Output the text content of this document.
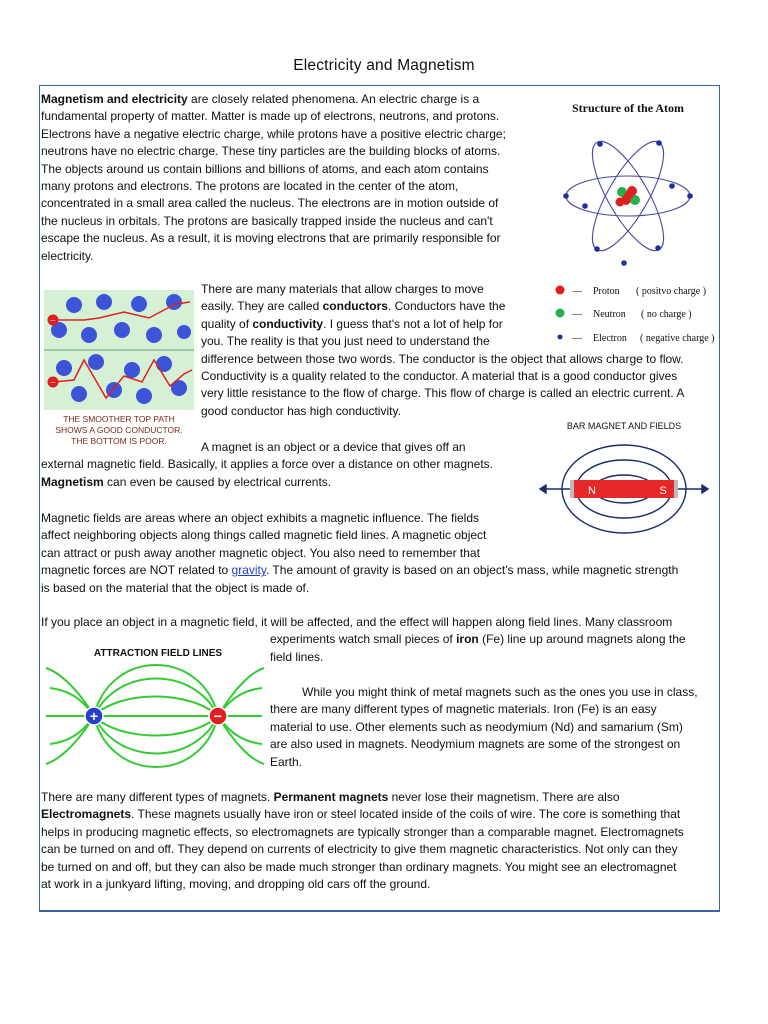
Electricity and Magnetism
Magnetism and electricity are closely related phenomena. An electric charge is a
fundamental property of matter. Matter is made up of electrons, neutrons, and protons.
Electrons have a negative electric charge, while protons have a positive electric charge;
neutrons have no electric charge. These tiny particles are the building blocks of atoms.
The objects around us contain billions and billions of atoms, and each atom contains
many protons and electrons. The protons are located in the center of the atom,
concentrated in a small area called the nucleus. The electrons are in motion outside of
the nucleus in orbitals. The protons are basically trapped inside the nucleus and can't
escape the nucleus. As a result, it is moving electrons that are primarily responsible for
electricity.
Structure of the Atom
— Proton ( positvo charge )
— Neutron ( no charge )
— Electron ( negative charge )
−
−
THE SMOOTHER TOP PATH
SHOWS A GOOD CONDUCTOR.
THE BOTTOM IS POOR.
There are many materials that allow charges to move
easily. They are called conductors. Conductors have the
quality of conductivity. I guess that's not a lot of help for
you. The reality is that you just need to understand the
difference between those two words. The conductor is the object that allows charge to flow.
Conductivity is a quality related to the conductor. A material that is a good conductor gives
very little resistance to the flow of charge. This flow of charge is called an electric current. A
good conductor has high conductivity.
BAR MAGNET AND FIELDS
N	S
A magnet is an object or a device that gives off an
external magnetic field. Basically, it applies a force over a distance on other magnets.
Magnetism can even be caused by electrical currents.
Magnetic fields are areas where an object exhibits a magnetic influence. The fields
affect neighboring objects along things called magnetic field lines. A magnetic object
can attract or push away another magnetic object. You also need to remember that
magnetic forces are NOT related to gravity. The amount of gravity is based on an object's mass, while magnetic strength
is based on the material that the object is made of.
If you place an object in a magnetic field, it will be affected, and the effect will happen along field lines. Many classroom
experiments watch small pieces of iron (Fe) line up around magnets along the
field lines.
ATTRACTION FIELD LINES
+	−
While you might think of metal magnets such as the ones you use in class,
there are many different types of magnetic materials. Iron (Fe) is an easy
material to use. Other elements such as neodymium (Nd) and samarium (Sm)
are also used in magnets. Neodymium magnets are some of the strongest on
Earth.
There are many different types of magnets. Permanent magnets never lose their magnetism. There are also
Electromagnets. These magnets usually have iron or steel located inside of the coils of wire. The core is something that
helps in producing magnetic effects, so electromagnets are typically stronger than a comparable magnet. Electromagnets
can be turned on and off. They depend on currents of electricity to give them magnetic characteristics. Not only can they
be turned on and off, but they can also be made much stronger than ordinary magnets. You might see an electromagnet
at work in a junkyard lifting, moving, and dropping old cars off the ground.
